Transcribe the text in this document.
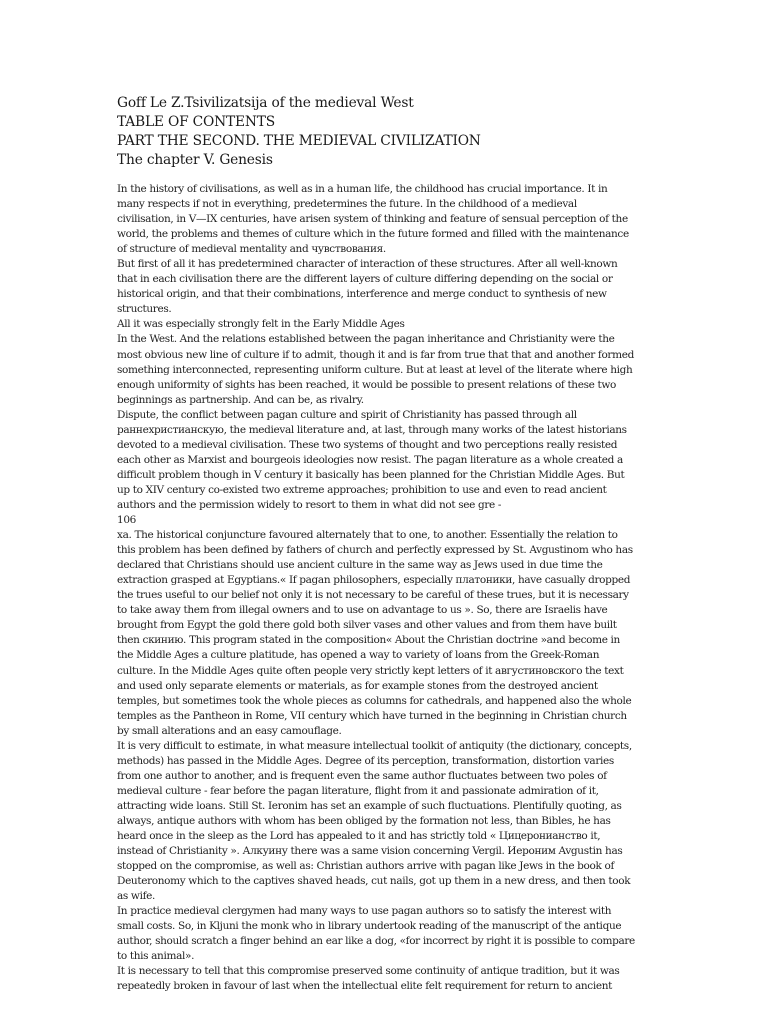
Goff Le Z.Tsivilizatsija of the medieval West
TABLE OF CONTENTS
PART THE SECOND. THE MEDIEVAL CIVILIZATION
The chapter V. Genesis
In the history of civilisations, as well as in a human life, the childhood has crucial importance. It in
many respects if not in everything, predetermines the future. In the childhood of a medieval
civilisation, in V—IX centuries, have arisen system of thinking and feature of sensual perception of the
world, the problems and themes of culture which in the future formed and filled with the maintenance
of structure of medieval mentality and чувствования.
But first of all it has predetermined character of interaction of these structures. After all well-known
that in each civilisation there are the different layers of culture differing depending on the social or
historical origin, and that their combinations, interference and merge conduct to synthesis of new
structures.
All it was especially strongly felt in the Early Middle Ages
In the West. And the relations established between the pagan inheritance and Christianity were the
most obvious new line of culture if to admit, though it and is far from true that that and another formed
something interconnected, representing uniform culture. But at least at level of the literate where high
enough uniformity of sights has been reached, it would be possible to present relations of these two
beginnings as partnership. And can be, as rivalry.
Dispute, the conflict between pagan culture and spirit of Christianity has passed through all
раннехристианскую, the medieval literature and, at last, through many works of the latest historians
devoted to a medieval civilisation. These two systems of thought and two perceptions really resisted
each other as Marxist and bourgeois ideologies now resist. The pagan literature as a whole created a
difficult problem though in V century it basically has been planned for the Christian Middle Ages. But
up to XIV century co-existed two extreme approaches; prohibition to use and even to read ancient
authors and the permission widely to resort to them in what did not see gre -
106
ха. The historical conjuncture favoured alternately that to one, to another. Essentially the relation to
this problem has been defined by fathers of church and perfectly expressed by St. Avgustinom who has
declared that Christians should use ancient culture in the same way as Jews used in due time the
extraction grasped at Egyptians.« If pagan philosophers, especially платоники, have casually dropped
the trues useful to our belief not only it is not necessary to be careful of these trues, but it is necessary
to take away them from illegal owners and to use on advantage to us ». So, there are Israelis have
brought from Egypt the gold there gold both silver vases and other values and from them have built
then скинию. This program stated in the composition« About the Christian doctrine »and become in
the Middle Ages a culture platitude, has opened a way to variety of loans from the Greek-Roman
culture. In the Middle Ages quite often people very strictly kept letters of it августиновского the text
and used only separate elements or materials, as for example stones from the destroyed ancient
temples, but sometimes took the whole pieces as columns for cathedrals, and happened also the whole
temples as the Pantheon in Rome, VII century which have turned in the beginning in Christian church
by small alterations and an easy camouflage.
It is very difficult to estimate, in what measure intellectual toolkit of antiquity (the dictionary, concepts,
methods) has passed in the Middle Ages. Degree of its perception, transformation, distortion varies
from one author to another, and is frequent even the same author fluctuates between two poles of
medieval culture - fear before the pagan literature, flight from it and passionate admiration of it,
attracting wide loans. Still St. Ieronim has set an example of such fluctuations. Plentifully quoting, as
always, antique authors with whom has been obliged by the formation not less, than Bibles, he has
heard once in the sleep as the Lord has appealed to it and has strictly told « Цицеронианство it,
instead of Christianity ». Алкуину there was a same vision concerning Vergil. Иероним Avgustin has
stopped on the compromise, as well as: Christian authors arrive with pagan like Jews in the book of
Deuteronomy which to the captives shaved heads, cut nails, got up them in a new dress, and then took
as wife.
In practice medieval clergymen had many ways to use pagan authors so to satisfy the interest with
small costs. So, in Kljuni the monk who in library undertook reading of the manuscript of the antique
author, should scratch a finger behind an ear like a dog, «for incorrect by right it is possible to compare
to this animal».
It is necessary to tell that this compromise preserved some continuity of antique tradition, but it was
repeatedly broken in favour of last when the intellectual elite felt requirement for return to ancient
